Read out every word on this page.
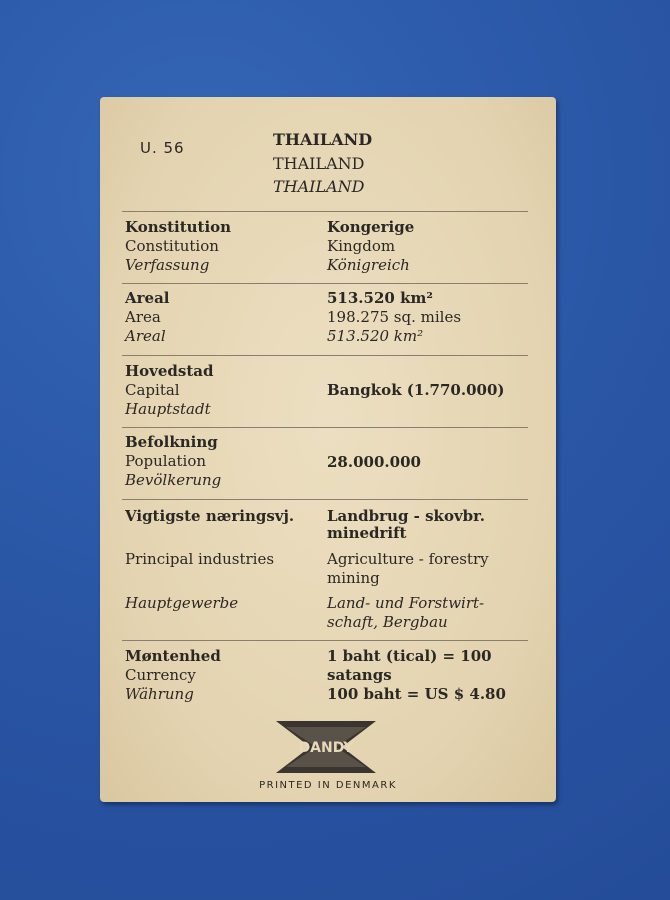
U. 56	THAILAND
THAILAND
THAILAND
Konstitution
Constitution
Verfassung
Kongerige
Kingdom
Königreich
Areal
Area
Areal
513.520 km²
198.275 sq. miles
513.520 km²
Hovedstad
Capital
Hauptstadt
Bangkok (1.770.000)
Befolkning
Population
Bevölkerung
28.000.000
Vigtigste næringsvj.
Principal industries
Hauptgewerbe
Landbrug - skovbr.
minedrift
Agriculture - forestry
mining
Land- und Forstwirt-
schaft, Bergbau
Møntenhed
Currency
Währung
1 baht (tical) = 100
satangs
100 baht = US $ 4.80
DANDY
PRINTED IN DENMARK
